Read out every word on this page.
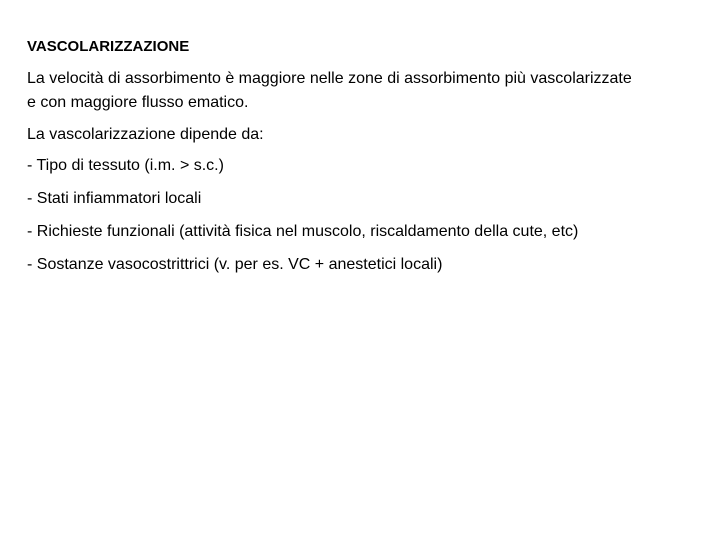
VASCOLARIZZAZIONE

La velocità di assorbimento è maggiore nelle zone di assorbimento più vascolarizzate

e con maggiore flusso ematico.

La vascolarizzazione dipende da:

- Tipo di tessuto (i.m. > s.c.)

- Stati infiammatori locali

- Richieste funzionali (attività fisica nel muscolo, riscaldamento della cute, etc)

- Sostanze vasocostrittrici (v. per es. VC + anestetici locali)
